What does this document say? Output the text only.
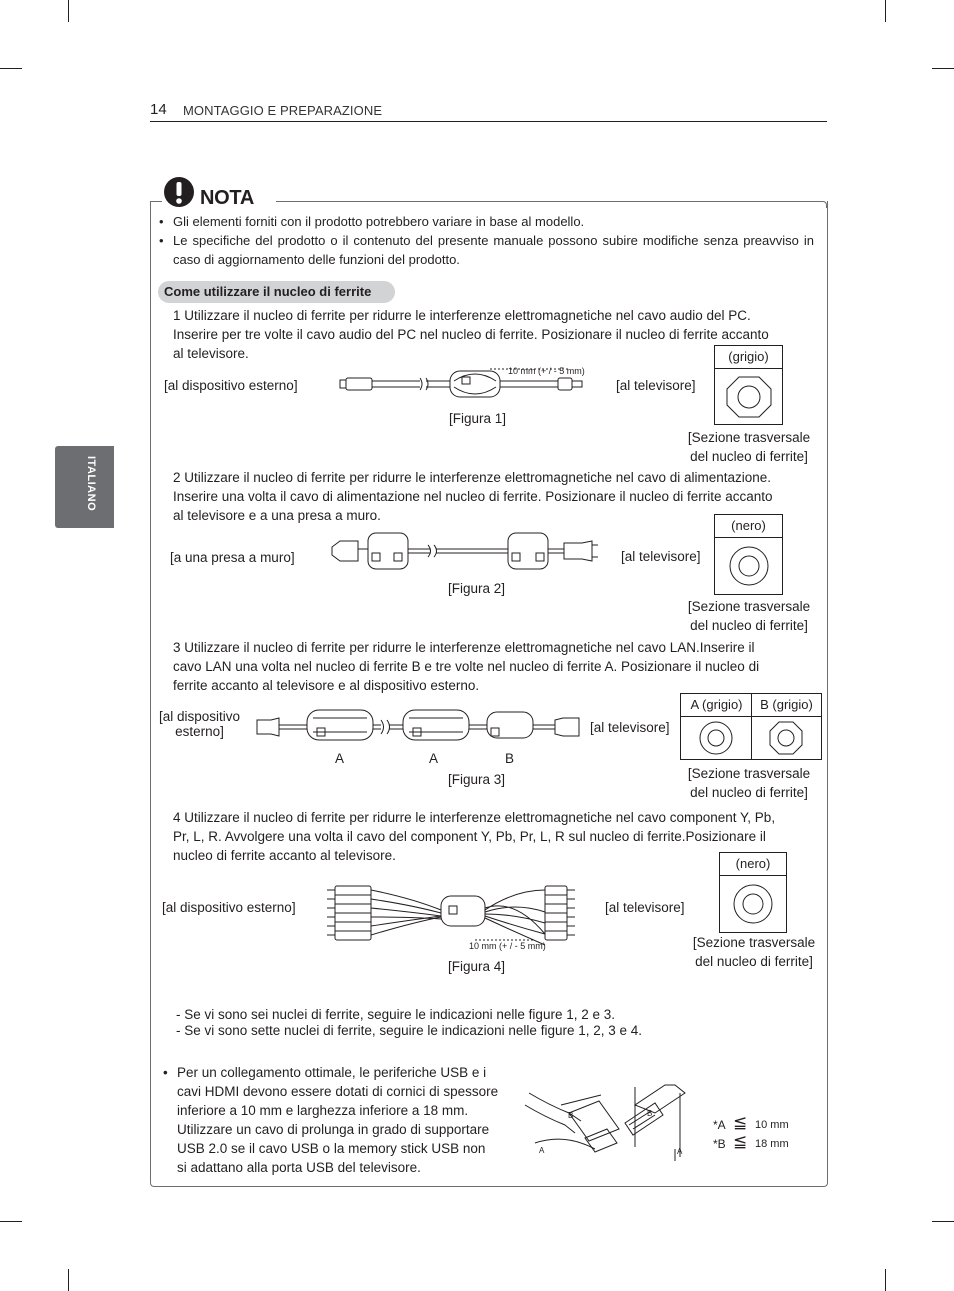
14 MONTAGGIO E PREPARAZIONE
ITALIANO
NOTA
• Gli elementi forniti con il prodotto potrebbero variare in base al modello.
• Le specifiche del prodotto o il contenuto del presente manuale possono subire modifiche senza preavviso in caso di aggiornamento delle funzioni del prodotto.
Come utilizzare il nucleo di ferrite
1 Utilizzare il nucleo di ferrite per ridurre le interferenze elettromagnetiche nel cavo audio del PC.
Inserire per tre volte il cavo audio del PC nel nucleo di ferrite. Posizionare il nucleo di ferrite accanto
al televisore.
[al dispositivo esterno]	[al televisore]
[Figura 1]
10 mm (+ / - 5 mm)
(grigio)
[Sezione trasversale
del nucleo di ferrite]
2 Utilizzare il nucleo di ferrite per ridurre le interferenze elettromagnetiche nel cavo di alimentazione.
Inserire una volta il cavo di alimentazione nel nucleo di ferrite. Posizionare il nucleo di ferrite accanto
al televisore e a una presa a muro.
[a una presa a muro]	[al televisore]
[Figura 2]
(nero)
[Sezione trasversale
del nucleo di ferrite]
3 Utilizzare il nucleo di ferrite per ridurre le interferenze elettromagnetiche nel cavo LAN.Inserire il
cavo LAN una volta nel nucleo di ferrite B e tre volte nel nucleo di ferrite A. Posizionare il nucleo di
ferrite accanto al televisore e al dispositivo esterno.
[al dispositivo
esterno]	[al televisore]
[Figura 3]
A	A	B
A (grigio)	B (grigio)
[Sezione trasversale
del nucleo di ferrite]
4 Utilizzare il nucleo di ferrite per ridurre le interferenze elettromagnetiche nel cavo component Y, Pb,
Pr, L, R. Avvolgere una volta il cavo del component Y, Pb, Pr, L, R sul nucleo di ferrite.Posizionare il
nucleo di ferrite accanto al televisore.
[al dispositivo esterno]	[al televisore]
[Figura 4]
10 mm (+ / - 5 mm)
(nero)
[Sezione trasversale
del nucleo di ferrite]
- Se vi sono sei nuclei di ferrite, seguire le indicazioni nelle figure 1, 2 e 3.
- Se vi sono sette nuclei di ferrite, seguire le indicazioni nelle figure 1, 2, 3 e 4.
• Per un collegamento ottimale, le periferiche USB e i
cavi HDMI devono essere dotati di cornici di spessore
inferiore a 10 mm e larghezza inferiore a 18 mm.
Utilizzare un cavo di prolunga in grado di supportare
USB 2.0 se il cavo USB o la memory stick USB non
si adattano alla porta USB del televisore.
A
B	B
A
*A ≦ 10 mm
*B ≦ 18 mm
